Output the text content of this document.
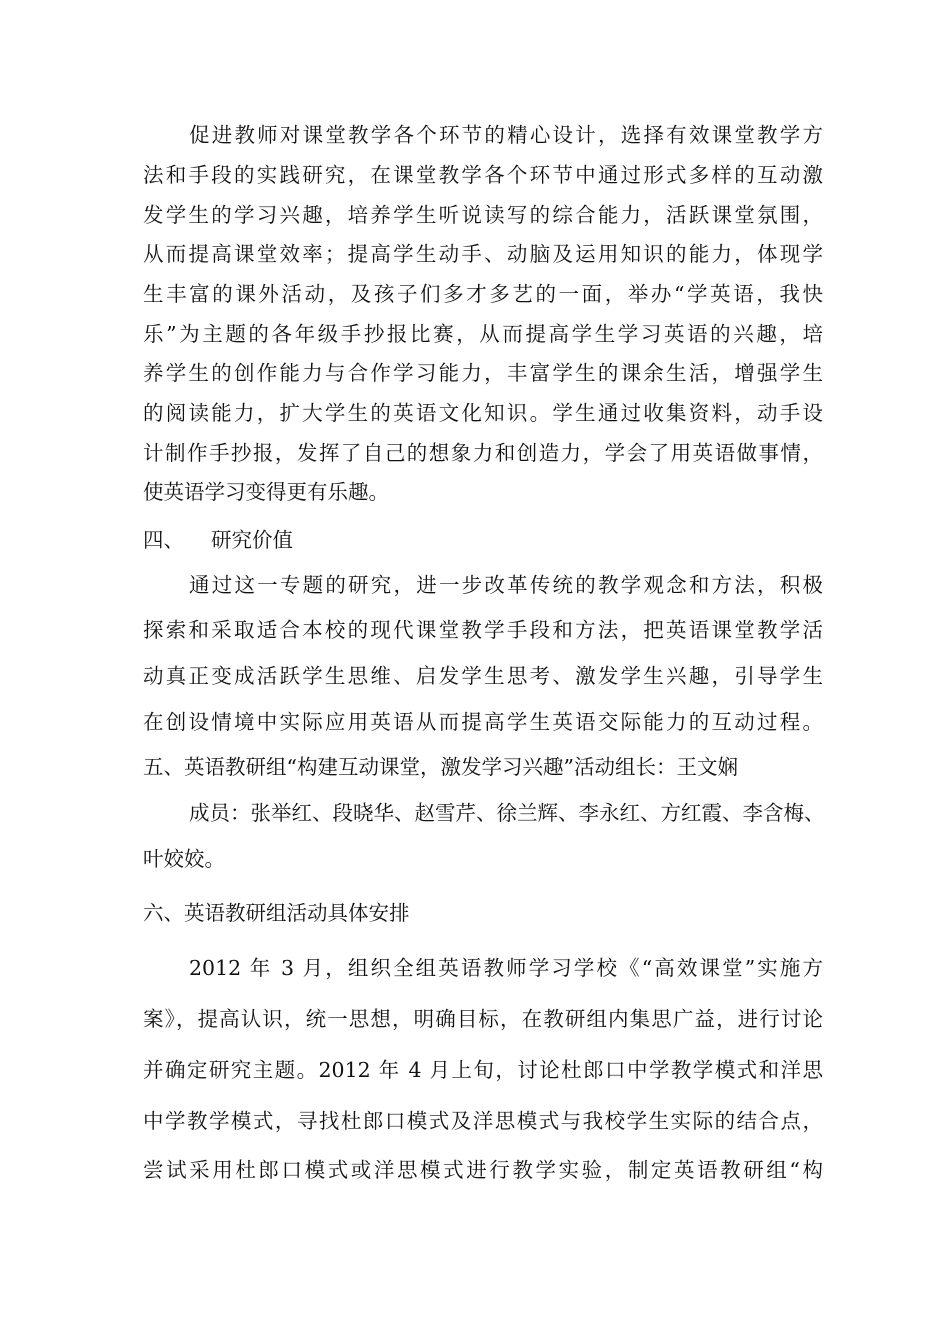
促进教师对课堂教学各个环节的精心设计，选择有效课堂教学方
法和手段的实践研究，在课堂教学各个环节中通过形式多样的互动激
发学生的学习兴趣，培养学生听说读写的综合能力，活跃课堂氛围，
从而提高课堂效率；提高学生动手、动脑及运用知识的能力，体现学
生丰富的课外活动，及孩子们多才多艺的一面，举办“学英语，我快
乐”为主题的各年级手抄报比赛，从而提高学生学习英语的兴趣，培
养学生的创作能力与合作学习能力，丰富学生的课余生活，增强学生
的阅读能力，扩大学生的英语文化知识。学生通过收集资料，动手设
计制作手抄报，发挥了自己的想象力和创造力，学会了用英语做事情，
使英语学习变得更有乐趣。
四、 研究价值
通过这一专题的研究，进一步改革传统的教学观念和方法，积极
探索和采取适合本校的现代课堂教学手段和方法，把英语课堂教学活
动真正变成活跃学生思维、启发学生思考、激发学生兴趣，引导学生
在创设情境中实际应用英语从而提高学生英语交际能力的互动过程。
五、英语教研组“构建互动课堂，激发学习兴趣”活动组长：王文娴
成员：张举红、段晓华、赵雪芹、徐兰辉、李永红、方红霞、李含梅、
叶姣姣。
六、英语教研组活动具体安排
2012 年 3 月，组织全组英语教师学习学校《“高效课堂”实施方
案》，提高认识，统一思想，明确目标，在教研组内集思广益，进行讨论
并确定研究主题。2012 年 4 月上旬，讨论杜郎口中学教学模式和洋思
中学教学模式，寻找杜郎口模式及洋思模式与我校学生实际的结合点，
尝试采用杜郎口模式或洋思模式进行教学实验，制定英语教研组“构
